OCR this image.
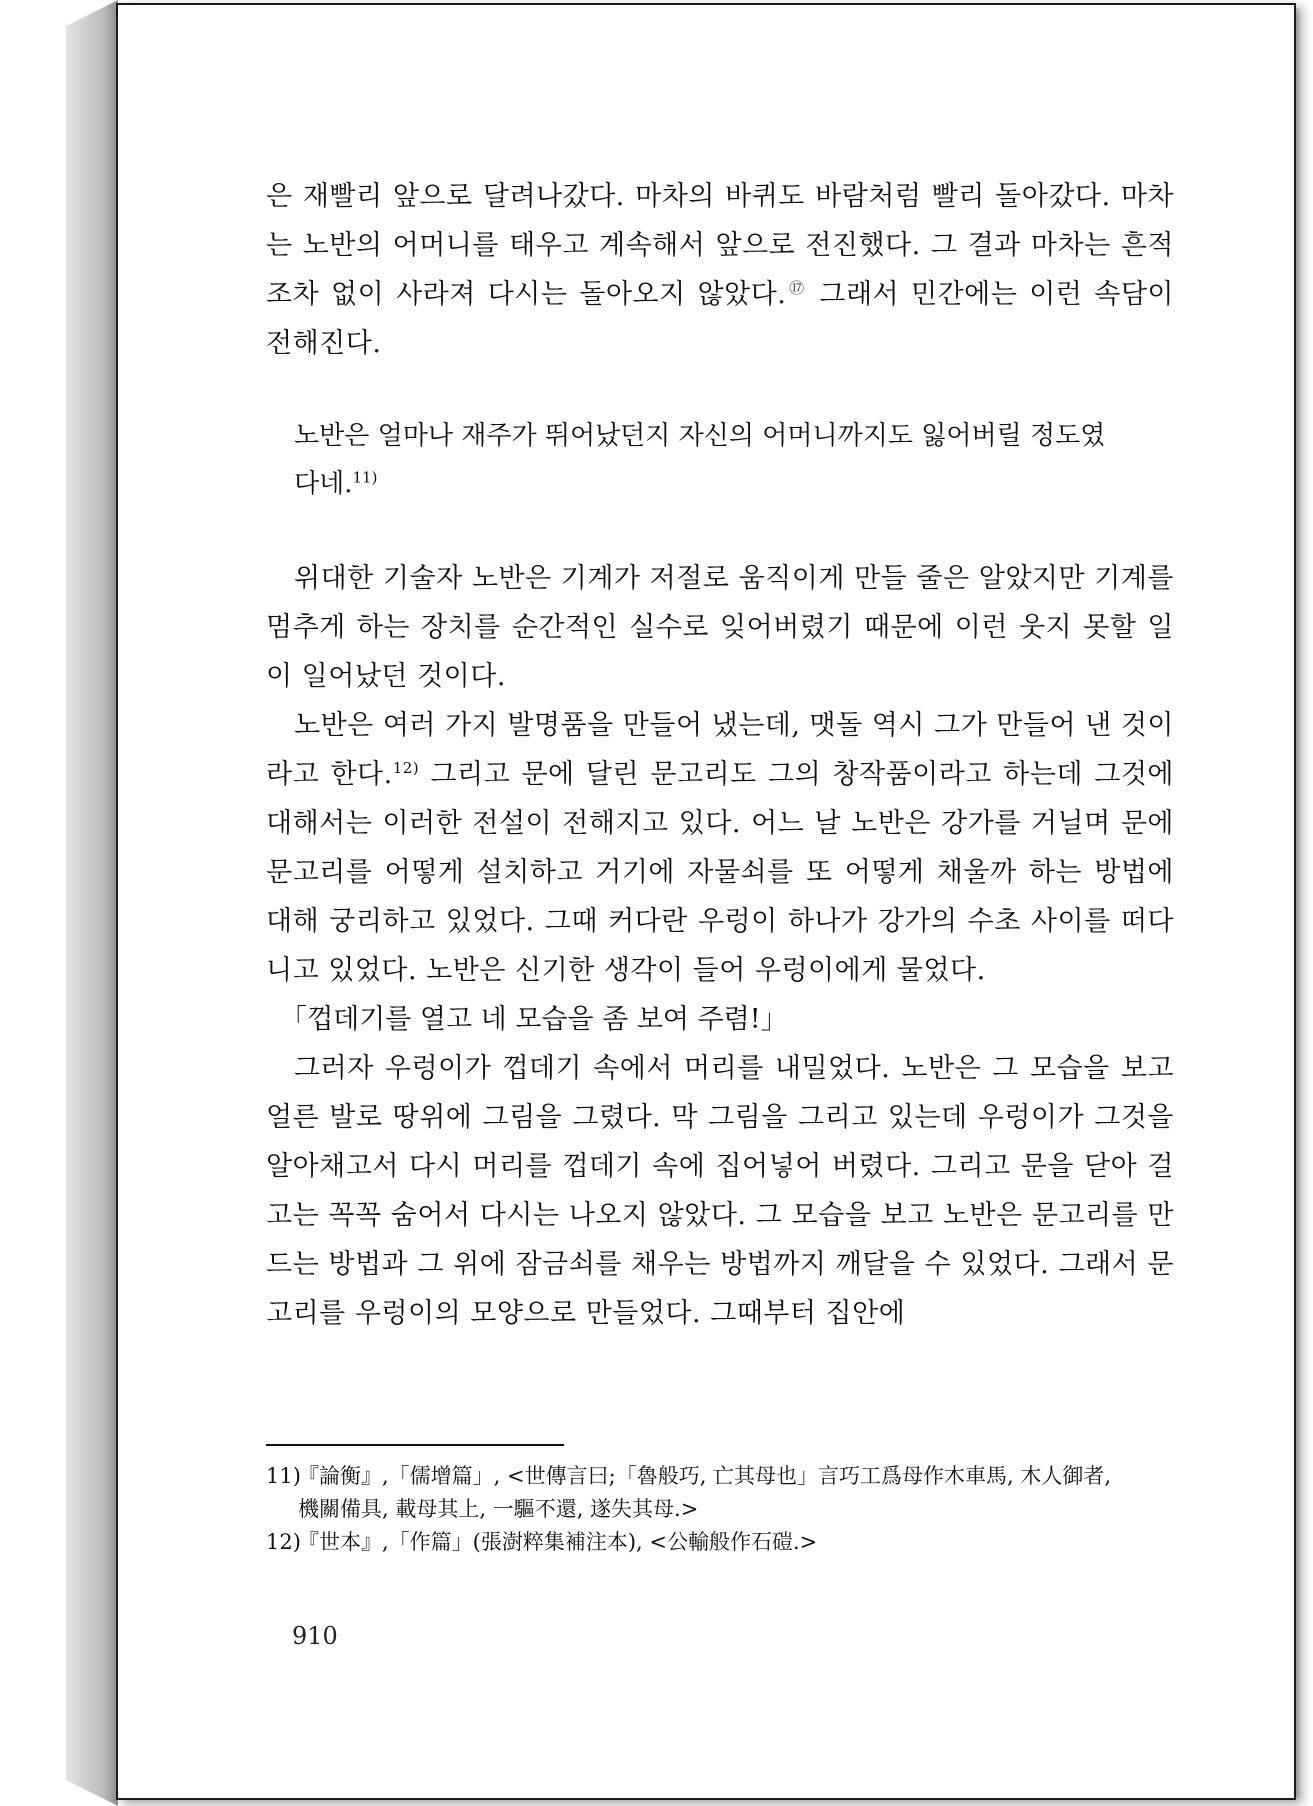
은 재빨리 앞으로 달려나갔다. 마차의 바퀴도 바람처럼 빨리 돌아갔다. 마차는 노반의 어머니를 태우고 계속해서 앞으로 전진했다. 그 결과 마차는 흔적조차 없이 사라져 다시는 돌아오지 않았다.⑰ 그래서 민간에는 이런 속담이 전해진다.

노반은 얼마나 재주가 뛰어났던지 자신의 어머니까지도 잃어버릴 정도였
다네.$^{11)}$

위대한 기술자 노반은 기계가 저절로 움직이게 만들 줄은 알았지만 기계를 멈추게 하는 장치를 순간적인 실수로 잊어버렸기 때문에 이런 웃지 못할 일이 일어났던 것이다.

노반은 여러 가지 발명품을 만들어 냈는데, 맷돌 역시 그가 만들어 낸 것이라고 한다.$^{12)}$ 그리고 문에 달린 문고리도 그의 창작품이라고 하는데 그것에 대해서는 이러한 전설이 전해지고 있다. 어느 날 노반은 강가를 거닐며 문에 문고리를 어떻게 설치하고 거기에 자물쇠를 또 어떻게 채울까 하는 방법에 대해 궁리하고 있었다. 그때 커다란 우렁이 하나가 강가의 수초 사이를 떠다니고 있었다. 노반은 신기한 생각이 들어 우렁이에게 물었다.

「껍데기를 열고 네 모습을 좀 보여 주렴!」

그러자 우렁이가 껍데기 속에서 머리를 내밀었다. 노반은 그 모습을 보고 얼른 발로 땅위에 그림을 그렸다. 막 그림을 그리고 있는데 우렁이가 그것을 알아채고서 다시 머리를 껍데기 속에 집어넣어 버렸다. 그리고 문을 닫아 걸고는 꼭꼭 숨어서 다시는 나오지 않았다. 그 모습을 보고 노반은 문고리를 만드는 방법과 그 위에 잠금쇠를 채우는 방법까지 깨달을 수 있었다. 그래서 문고리를 우렁이의 모양으로 만들었다. 그때부터 집안에

11)『論衡』,「儒增篇」, <世傳言曰;「魯般巧, 亡其母也」言巧工爲母作木車馬, 木人御者,
機關備具, 載母其上, 一驅不還, 遂失其母.>

12)『世本』,「作篇」(張澍粹集補注本), <公輸般作石磑.>

910
